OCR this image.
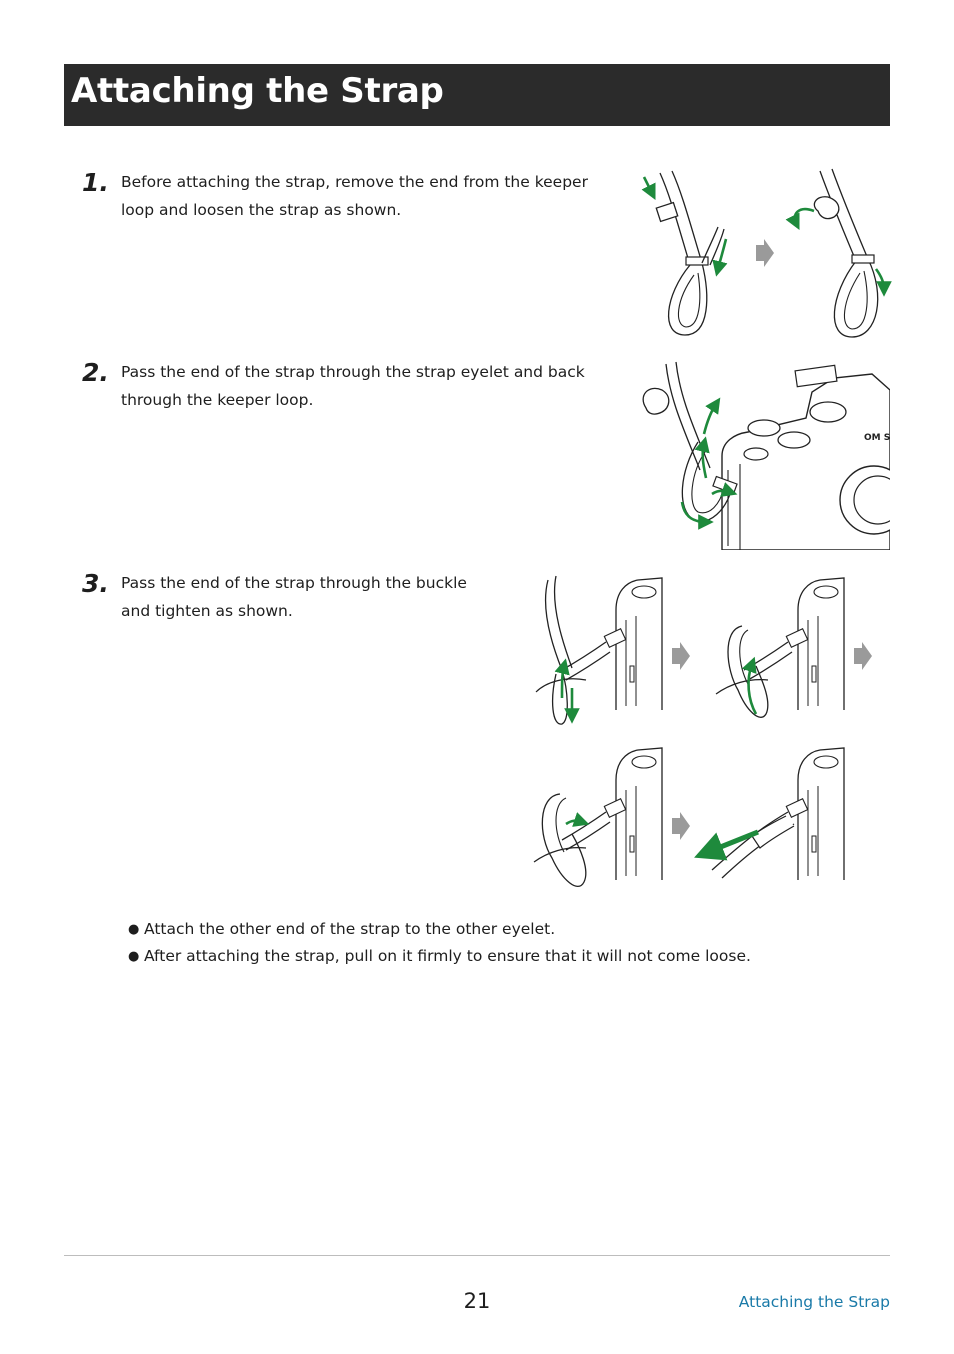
Attaching the Strap
1. Before attaching the strap, remove the end from the keeper
loop and loosen the strap as shown.
2. Pass the end of the strap through the strap eyelet and back
through the keeper loop.
OM S
3. Pass the end of the strap through the buckle
and tighten as shown.
● Attach the other end of the strap to the other eyelet.
● After attaching the strap, pull on it firmly to ensure that it will not come loose.
21	Attaching the Strap
